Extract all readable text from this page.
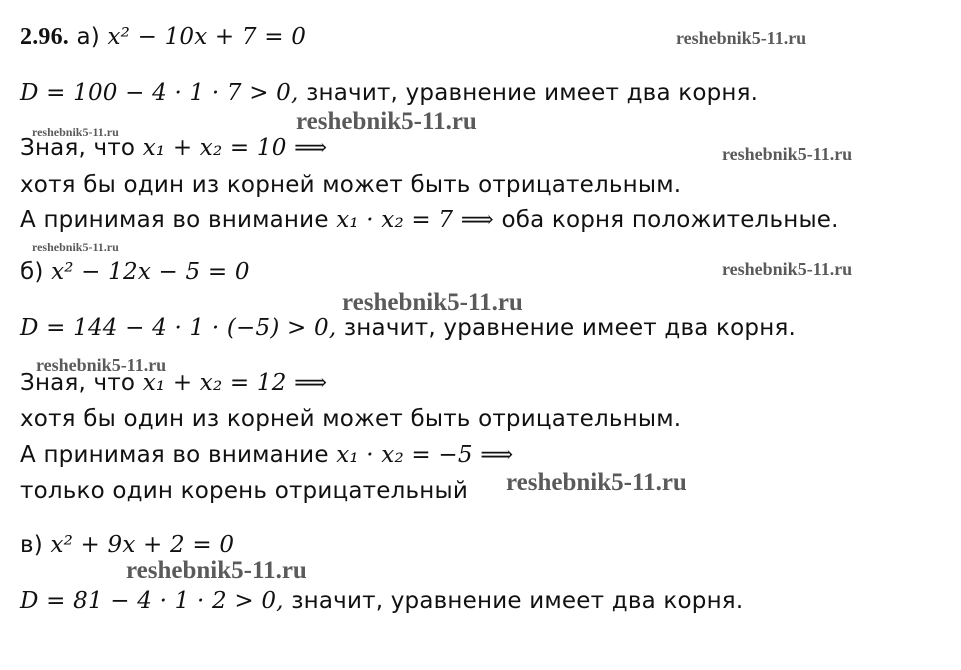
2.96. а) x² − 10x + 7 = 0
D = 100 − 4 · 1 · 7 > 0, значит, уравнение имеет два корня.
Зная, что x₁ + x₂ = 10 ⟹
хотя бы один из корней может быть отрицательным.
А принимая во внимание x₁ · x₂ = 7 ⟹ оба корня положительные.
б) x² − 12x − 5 = 0
D = 144 − 4 · 1 · (−5) > 0, значит, уравнение имеет два корня.
Зная, что x₁ + x₂ = 12 ⟹
хотя бы один из корней может быть отрицательным.
А принимая во внимание x₁ · x₂ = −5 ⟹
только один корень отрицательный
в) x² + 9x + 2 = 0
D = 81 − 4 · 1 · 2 > 0, значит, уравнение имеет два корня.
reshebnik5-11.ru
reshebnik5-11.ru	reshebnik5-11.ru
reshebnik5-11.ru
reshebnik5-11.ru
reshebnik5-11.ru
reshebnik5-11.ru
reshebnik5-11.ru
reshebnik5-11.ru
reshebnik5-11.ru
